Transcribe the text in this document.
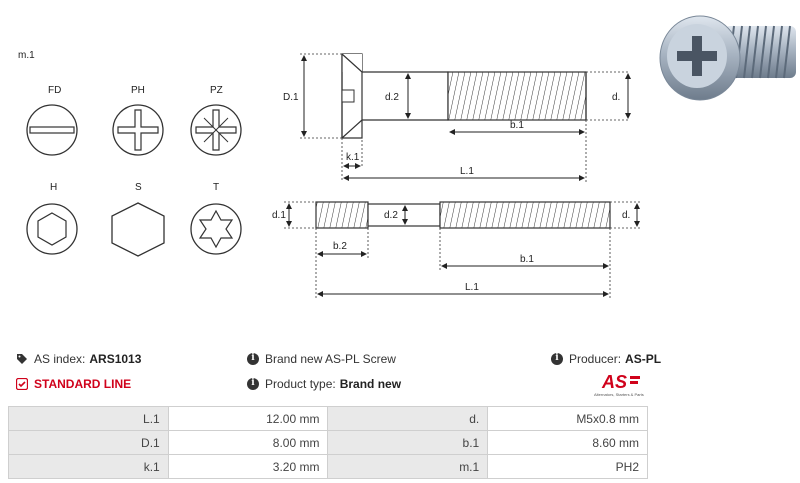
m.1
FD	PH	PZ
H	S	T
D.1	d.2	d.
b.1
k.1
L.1
d.1	d.2	d.
b.2
b.1
L.1
AS index: ARS1013
STANDARD LINE
i Brand new AS-PL Screw
i Product type: Brand new
i Producer: AS-PL
AS
Alternators, Starters & Parts
L.1	12.00 mm	d.	M5x0.8 mm
D.1	8.00 mm	b.1	8.60 mm
k.1	3.20 mm	m.1	PH2
